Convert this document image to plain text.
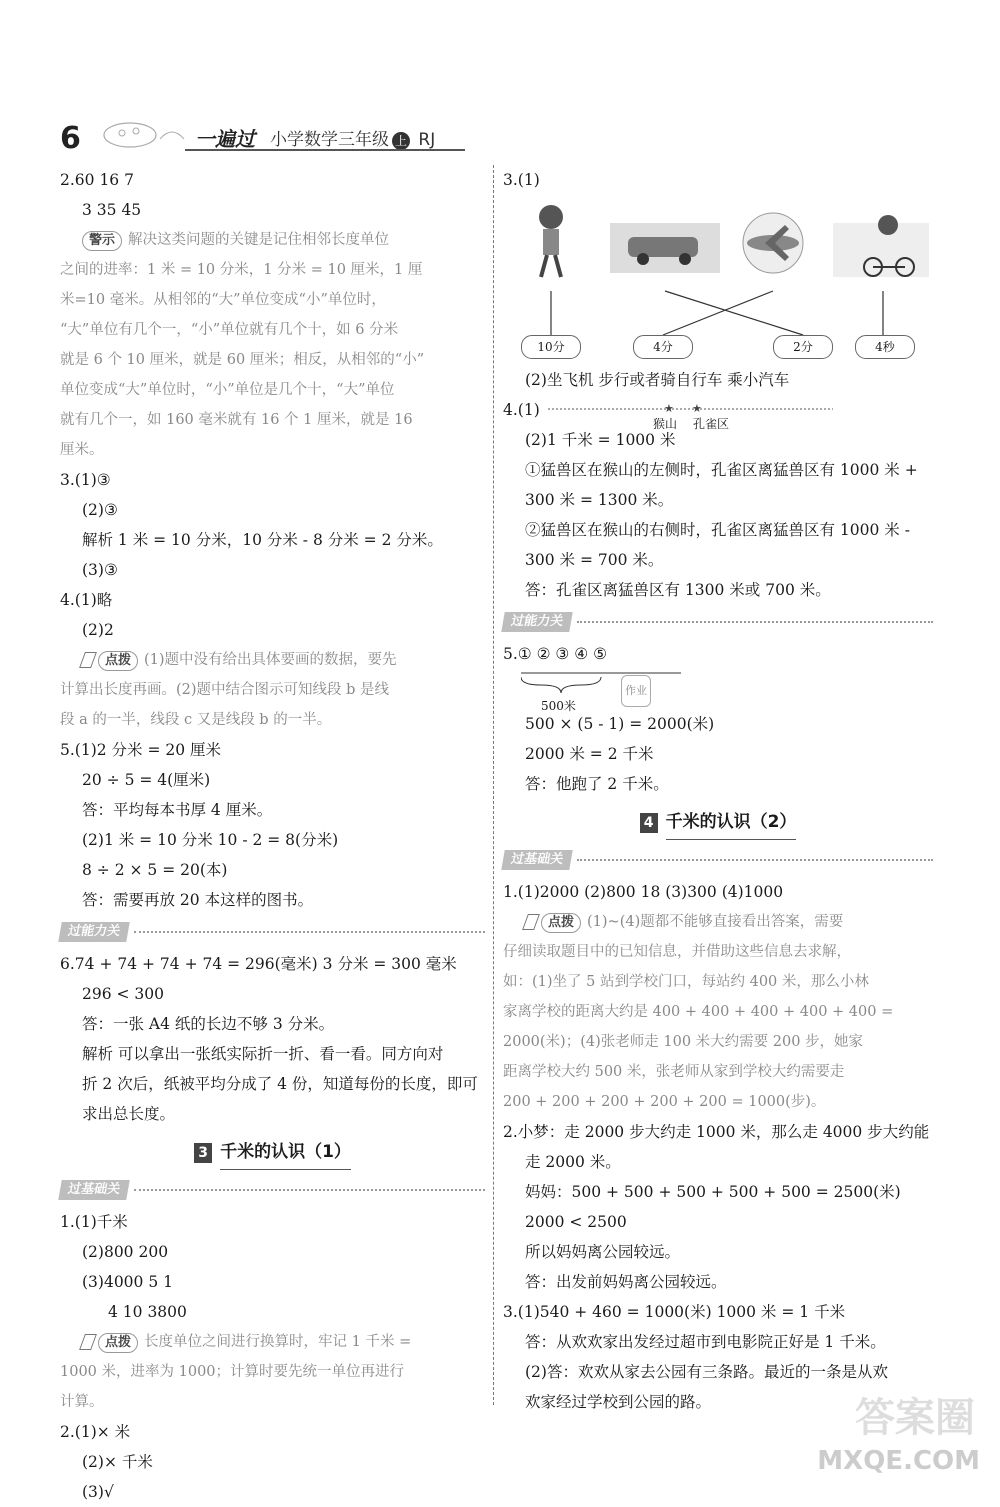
6	一遍过 小学数学三年级 上 RJ
2.60 16 7
3 35 45
警示 解决这类问题的关键是记住相邻长度单位
之间的进率：1 米 = 10 分米，1 分米 = 10 厘米，1 厘
米=10 毫米。从相邻的“大”单位变成“小”单位时，
“大”单位有几个一，“小”单位就有几个十，如 6 分米
就是 6 个 10 厘米，就是 60 厘米；相反，从相邻的“小”
单位变成“大”单位时，“小”单位是几个十，“大”单位
就有几个一，如 160 毫米就有 16 个 1 厘米，就是 16
厘米。
3.(1)③
(2)③
解析 1 米 = 10 分米，10 分米 - 8 分米 = 2 分米。
(3)③
4.(1)略
(2)2
点拨 (1)题中没有给出具体要画的数据，要先
计算出长度再画。(2)题中结合图示可知线段 b 是线
段 a 的一半，线段 c 又是线段 b 的一半。
5.(1)2 分米 = 20 厘米
20 ÷ 5 = 4(厘米)
答：平均每本书厚 4 厘米。
(2)1 米 = 10 分米 10 - 2 = 8(分米)
8 ÷ 2 × 5 = 20(本)
答：需要再放 20 本这样的图书。
过能力关
6.74 + 74 + 74 + 74 = 296(毫米) 3 分米 = 300 毫米
296 < 300
答：一张 A4 纸的长边不够 3 分米。
解析 可以拿出一张纸实际折一折、看一看。同方向对
折 2 次后，纸被平均分成了 4 份，知道每份的长度，即可
求出总长度。
3 千米的认识（1）
过基础关
1.(1)千米
(2)800 200
(3)4000 5 1
4 10 3800
点拨 长度单位之间进行换算时，牢记 1 千米 =
1000 米，进率为 1000；计算时要先统一单位再进行
计算。
2.(1)× 米
(2)× 千米
(3)√
3.(1)
10分	4分	2分	4秒
(2)坐飞机 步行或者骑自行车 乘小汽车
4.(1)	★ ★
猴山 孔雀区
(2)1 千米 = 1000 米
①猛兽区在猴山的左侧时，孔雀区离猛兽区有 1000 米 +
300 米 = 1300 米。
②猛兽区在猴山的右侧时，孔雀区离猛兽区有 1000 米 -
300 米 = 700 米。
答：孔雀区离猛兽区有 1300 米或 700 米。
过能力关
5.① ② ③ ④ ⑤
500米
作业
500 × (5 - 1) = 2000(米)
2000 米 = 2 千米
答：他跑了 2 千米。
4 千米的认识（2）
过基础关
1.(1)2000 (2)800 18 (3)300 (4)1000
点拨 (1)~(4)题都不能够直接看出答案，需要
仔细读取题目中的已知信息，并借助这些信息去求解，
如：(1)坐了 5 站到学校门口，每站约 400 米，那么小林
家离学校的距离大约是 400 + 400 + 400 + 400 + 400 =
2000(米)；(4)张老师走 100 米大约需要 200 步，她家
距离学校大约 500 米，张老师从家到学校大约需要走
200 + 200 + 200 + 200 + 200 = 1000(步)。
2.小梦：走 2000 步大约走 1000 米，那么走 4000 步大约能
走 2000 米。
妈妈：500 + 500 + 500 + 500 + 500 = 2500(米)
2000 < 2500
所以妈妈离公园较远。
答：出发前妈妈离公园较远。
3.(1)540 + 460 = 1000(米) 1000 米 = 1 千米
答：从欢欢家出发经过超市到电影院正好是 1 千米。
(2)答：欢欢从家去公园有三条路。最近的一条是从欢
欢家经过学校到公园的路。	答案圈
MXQE.COM
